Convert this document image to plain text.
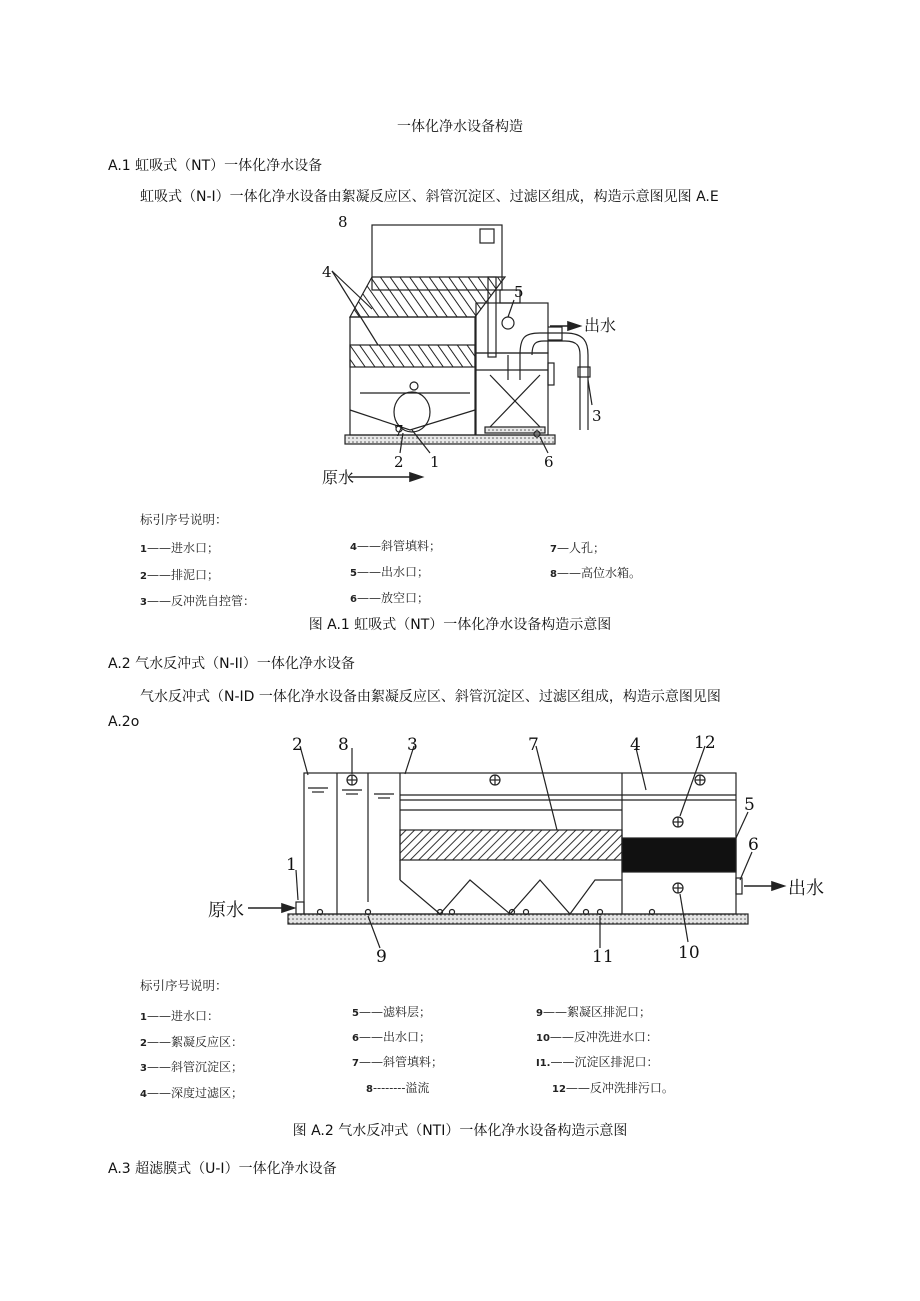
一体化净水设备构造
A.1 虹吸式（NT）一体化净水设备
虹吸式（N-I）一体化净水设备由絮凝反应区、斜管沉淀区、过滤区组成，构造示意图见图 A.E
8
4
5
3
7
2 1	6
原水
出水
标引序号说明：
1——进水口；
2——排泥口；
3——反冲洗自控管：
4——斜管填料；
5——出水口；
6——放空口；
7—人孔；
8——高位水箱。
图 A.1 虹吸式（NT）一体化净水设备构造示意图
A.2 气水反冲式（N-II）一体化净水设备
气水反冲式（N-ID 一体化净水设备由絮凝反应区、斜管沉淀区、过滤区组成，构造示意图见图
A.2o
2 8	3	7	4	12
5
6
1
9	11	10
原水
出水
标引序号说明：
1——进水口：
2——絮凝反应区：
3——斜管沉淀区；
4——深度过滤区；
5——滤料层；
6——出水口；
7——斜管填料；
8--------溢流
9——絮凝区排泥口；
10——反冲洗进水口：
I1.——沉淀区排泥口：
12——反冲洗排污口。
图 A.2 气水反冲式（NTI）一体化净水设备构造示意图
A.3 超滤膜式（U-I）一体化净水设备
